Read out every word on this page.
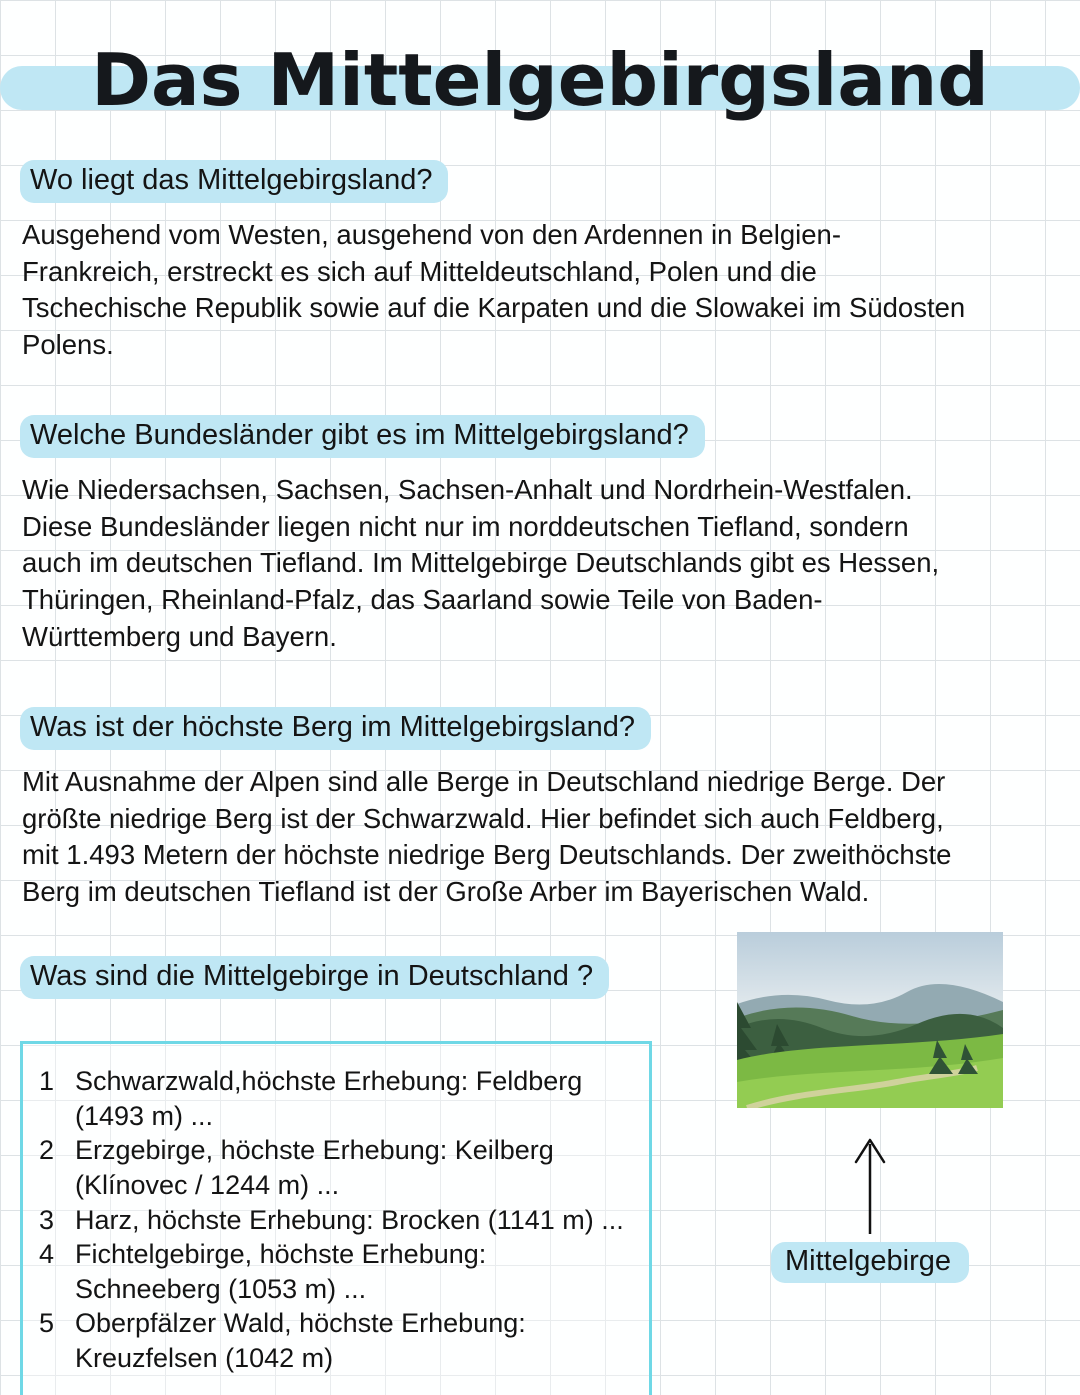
Das Mittelgebirgsland
Wo liegt das Mittelgebirgsland?
Ausgehend vom Westen, ausgehend von den Ardennen in Belgien-Frankreich, erstreckt es sich auf Mitteldeutschland, Polen und die Tschechische Republik sowie auf die Karpaten und die Slowakei im Südosten Polens.
Welche Bundesländer gibt es im Mittelgebirgsland?
Wie Niedersachsen, Sachsen, Sachsen-Anhalt und Nordrhein-Westfalen. Diese Bundesländer liegen nicht nur im norddeutschen Tiefland, sondern auch im deutschen Tiefland. Im Mittelgebirge Deutschlands gibt es Hessen, Thüringen, Rheinland-Pfalz, das Saarland sowie Teile von Baden-Württemberg und Bayern.
Was ist der höchste Berg im Mittelgebirgsland?
Mit Ausnahme der Alpen sind alle Berge in Deutschland niedrige Berge. Der größte niedrige Berg ist der Schwarzwald. Hier befindet sich auch Feldberg, mit 1.493 Metern der höchste niedrige Berg Deutschlands. Der zweithöchste Berg im deutschen Tiefland ist der Große Arber im Bayerischen Wald.
Was sind die Mittelgebirge in Deutschland ?
1 Schwarzwald,höchste Erhebung: Feldberg (1493 m) ...
2 Erzgebirge, höchste Erhebung: Keilberg (Klínovec / 1244 m) ...
3 Harz, höchste Erhebung: Brocken (1141 m) ...
4 Fichtelgebirge, höchste Erhebung: Schneeberg (1053 m) ...
5 Oberpfälzer Wald, höchste Erhebung: Kreuzfelsen (1042 m)
Mittelgebirge
